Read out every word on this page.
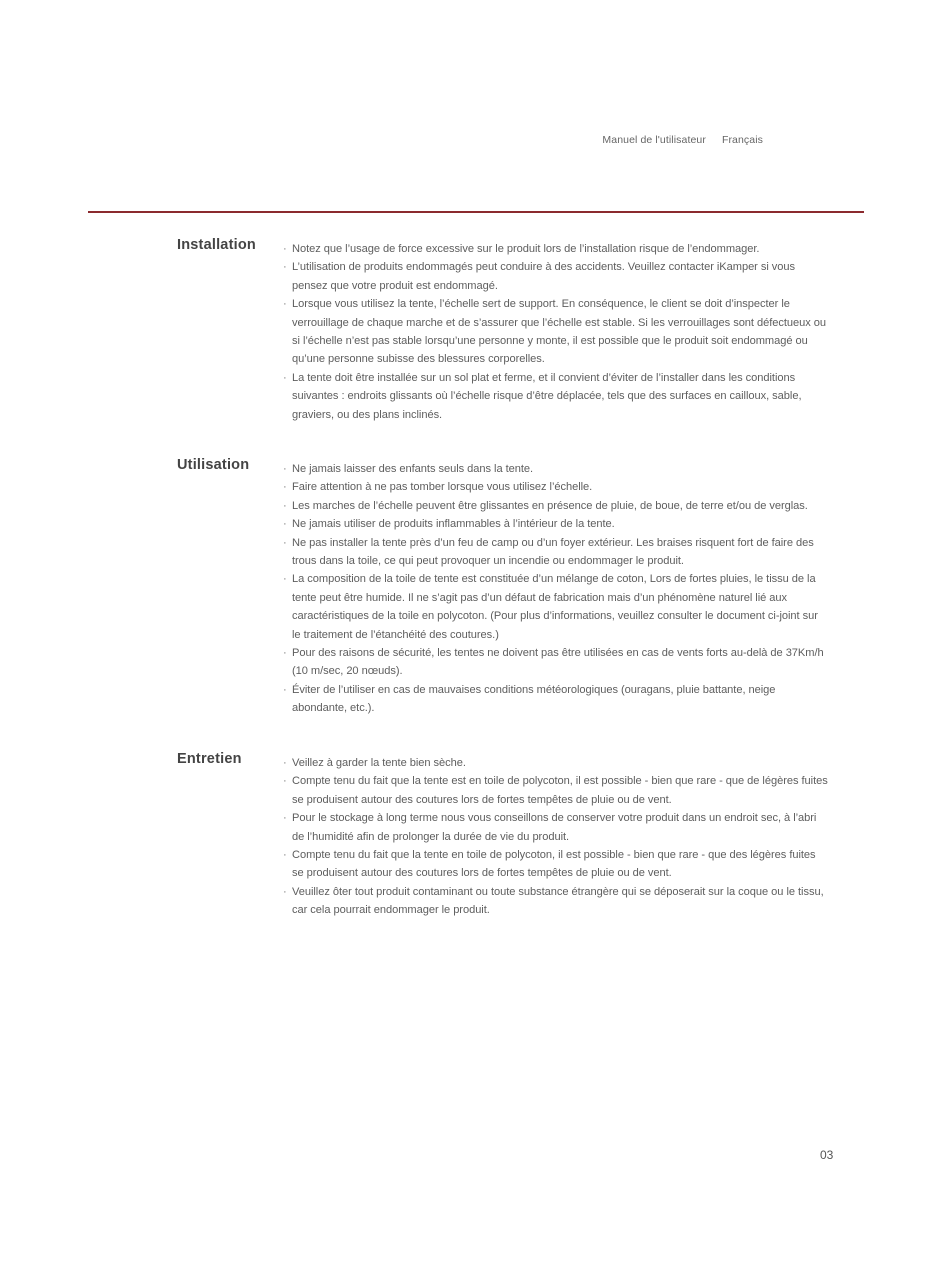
Manuel de l'utilisateur Français
Installation	· Notez que l’usage de force excessive sur le produit lors de l’installation risque de l’endommager.
· L’utilisation de produits endommagés peut conduire à des accidents. Veuillez contacter iKamper si vous pensez que votre produit est endommagé.
· Lorsque vous utilisez la tente, l’échelle sert de support. En conséquence, le client se doit d’inspecter le verrouillage de chaque marche et de s’assurer que l’échelle est stable. Si les verrouillages sont défectueux ou si l’échelle n’est pas stable lorsqu’une personne y monte, il est possible que le produit soit endommagé ou qu’une personne subisse des blessures corporelles.
· La tente doit être installée sur un sol plat et ferme, et il convient d’éviter de l’installer dans les conditions suivantes : endroits glissants où l’échelle risque d’être déplacée, tels que des surfaces en cailloux, sable, graviers, ou des plans inclinés.
Utilisation	· Ne jamais laisser des enfants seuls dans la tente.
· Faire attention à ne pas tomber lorsque vous utilisez l’échelle.
· Les marches de l’échelle peuvent être glissantes en présence de pluie, de boue, de terre et/ou de verglas.
· Ne jamais utiliser de produits inflammables à l’intérieur de la tente.
· Ne pas installer la tente près d’un feu de camp ou d’un foyer extérieur. Les braises risquent fort de faire des trous dans la toile, ce qui peut provoquer un incendie ou endommager le produit.
· La composition de la toile de tente est constituée d’un mélange de coton, Lors de fortes pluies, le tissu de la tente peut être humide. Il ne s’agit pas d’un défaut de fabrication mais d’un phénomène naturel lié aux caractéristiques de la toile en polycoton. (Pour plus d’informations, veuillez consulter le document ci-joint sur le traitement de l’étanchéité des coutures.)
· Pour des raisons de sécurité, les tentes ne doivent pas être utilisées en cas de vents forts au-delà de 37Km/h (10 m/sec, 20 nœuds).
· Éviter de l’utiliser en cas de mauvaises conditions météorologiques (ouragans, pluie battante, neige abondante, etc.).
Entretien	· Veillez à garder la tente bien sèche.
· Compte tenu du fait que la tente est en toile de polycoton, il est possible - bien que rare - que de légères fuites se produisent autour des coutures lors de fortes tempêtes de pluie ou de vent.
· Pour le stockage à long terme nous vous conseillons de conserver votre produit dans un endroit sec, à l’abri de l’humidité afin de prolonger la durée de vie du produit.
· Compte tenu du fait que la tente en toile de polycoton, il est possible - bien que rare - que des légères fuites se produisent autour des coutures lors de fortes tempêtes de pluie ou de vent.
· Veuillez ôter tout produit contaminant ou toute substance étrangère qui se déposerait sur la coque ou le tissu, car cela pourrait endommager le produit.
03
